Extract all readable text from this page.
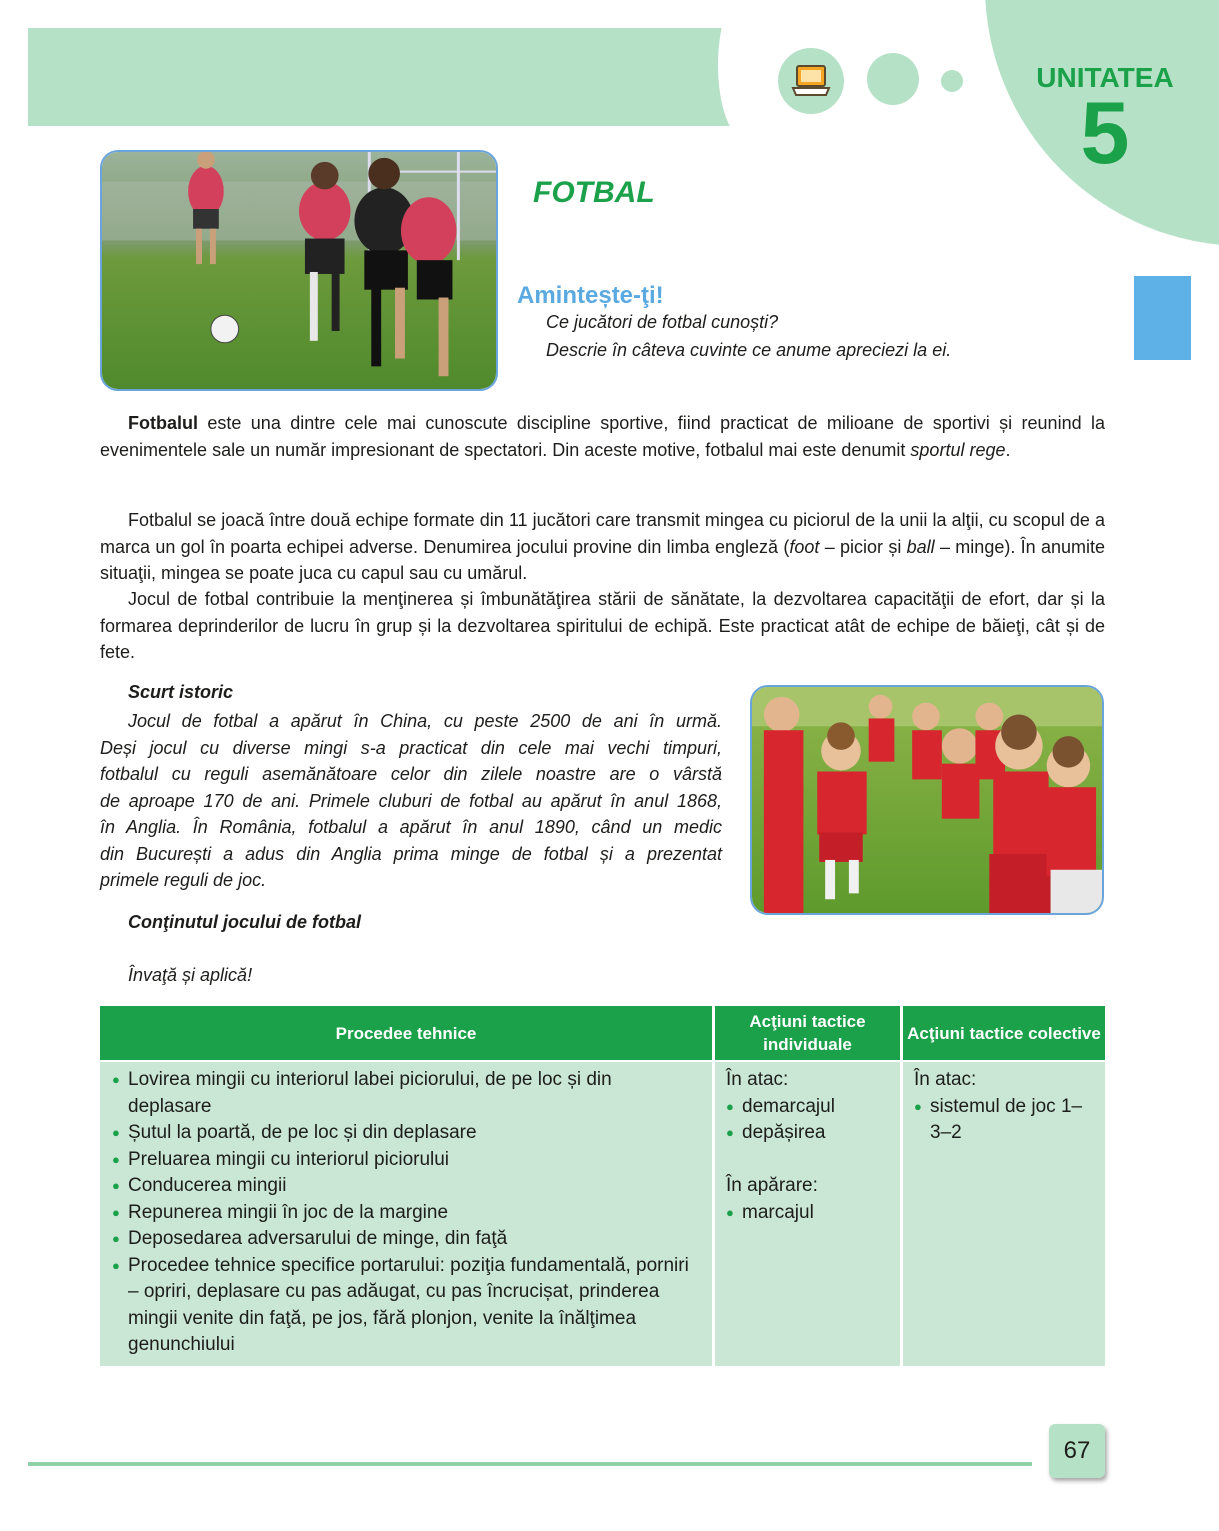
UNITATEA
5
FOTBAL
Amintește-ţi!
Ce jucători de fotbal cunoști?
Descrie în câteva cuvinte ce anume apreciezi la ei.
Fotbalul este una dintre cele mai cunoscute discipline sportive, fiind practicat de milioane de sportivi și reunind la evenimentele sale un număr impresionant de spectatori. Din aceste motive, fotbalul mai este denumit sportul rege.
Fotbalul se joacă între două echipe formate din 11 jucători care transmit mingea cu piciorul de la unii la alţii, cu scopul de a marca un gol în poarta echipei adverse. Denumirea jocului provine din limba engleză (foot – picior și ball – minge). În anumite situaţii, mingea se poate juca cu capul sau cu umărul.
Jocul de fotbal contribuie la menţinerea și îmbunătăţirea stării de sănătate, la dezvoltarea capacităţii de efort, dar și la formarea deprinderilor de lucru în grup și la dezvoltarea spiritului de echipă. Este practicat atât de echipe de băieţi, cât și de fete.
Scurt istoric
Jocul de fotbal a apărut în China, cu peste 2500 de ani în urmă.
Deși jocul cu diverse mingi s-a practicat din cele mai vechi timpuri,
fotbalul cu reguli asemănătoare celor din zilele noastre are o vârstă
de aproape 170 de ani. Primele cluburi de fotbal au apărut în anul 1868,
în Anglia. În România, fotbalul a apărut în anul 1890, când un medic
din București a adus din Anglia prima minge de fotbal și a prezentat
primele reguli de joc.
Conţinutul jocului de fotbal
Învaţă și aplică!
Procedee tehnice
Acţiuni tactice individuale
Acţiuni tactice colective
● Lovirea mingii cu interiorul labei piciorului, de pe loc și din deplasare
● Șutul la poartă, de pe loc și din deplasare
● Preluarea mingii cu interiorul piciorului
● Conducerea mingii
● Repunerea mingii în joc de la margine
● Deposedarea adversarului de minge, din faţă
● Procedee tehnice specifice portarului: poziţia fundamentală, porniri – opriri, deplasare cu pas adăugat, cu pas încrucișat, prinderea mingii venite din faţă, pe jos, fără plonjon, venite la înălţimea genunchiului
În atac:
● demarcajul
● depășirea
În apărare:
● marcajul
În atac:
● sistemul de joc 1–3–2
67
